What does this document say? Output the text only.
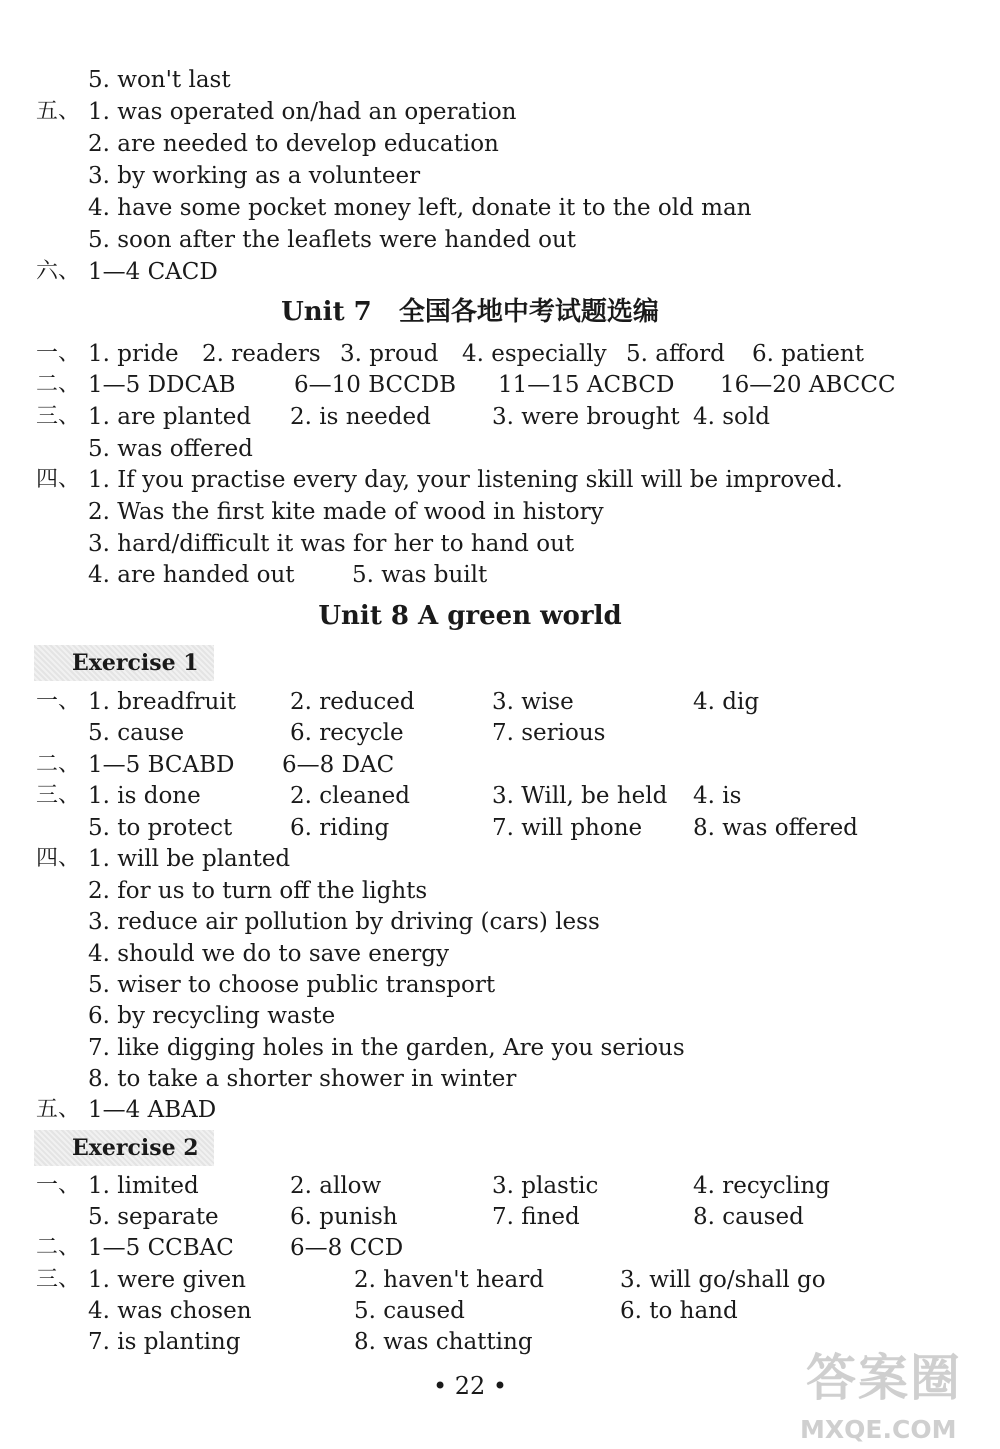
5. won't last
五、 1. was operated on/had an operation
2. are needed to develop education
3. by working as a volunteer
4. have some pocket money left, donate it to the old man
5. soon after the leaflets were handed out
六、 1—4 CACD
Unit 7 全国各地中考试题选编
一、 1. pride 2. readers 3. proud 4. especially 5. afford 6. patient
二、 1—5 DDCAB	6—10 BCCDB 11—15 ACBCD 16—20 ABCCC
三、 1. are planted 2. is needed	3. were brought 4. sold
5. was offered
四、 1. If you practise every day, your listening skill will be improved.
2. Was the first kite made of wood in history
3. hard/difficult it was for her to hand out
4. are handed out	5. was built
Unit 8 A green world
Exercise 1
一、 1. breadfruit 2. reduced	3. wise	4. dig
5. cause	6. recycle	7. serious
二、 1—5 BCABD 6—8 DAC
三、 1. is done	2. cleaned	3. Will, be held 4. is
5. to protect	6. riding	7. will phone 8. was offered
四、 1. will be planted
2. for us to turn off the lights
3. reduce air pollution by driving (cars) less
4. should we do to save energy
5. wiser to choose public transport
6. by recycling waste
7. like digging holes in the garden, Are you serious
8. to take a shorter shower in winter
五、 1—4 ABAD
Exercise 2
一、 1. limited	2. allow	3. plastic	4. recycling
5. separate	6. punish	7. fined	8. caused
二、 1—5 CCBAC 6—8 CCD
三、 1. were given	2. haven't heard	3. will go/shall go
4. was chosen	5. caused	6. to hand
7. is planting	8. was chatting
• 22 •	答案圈
MXQE.COM
